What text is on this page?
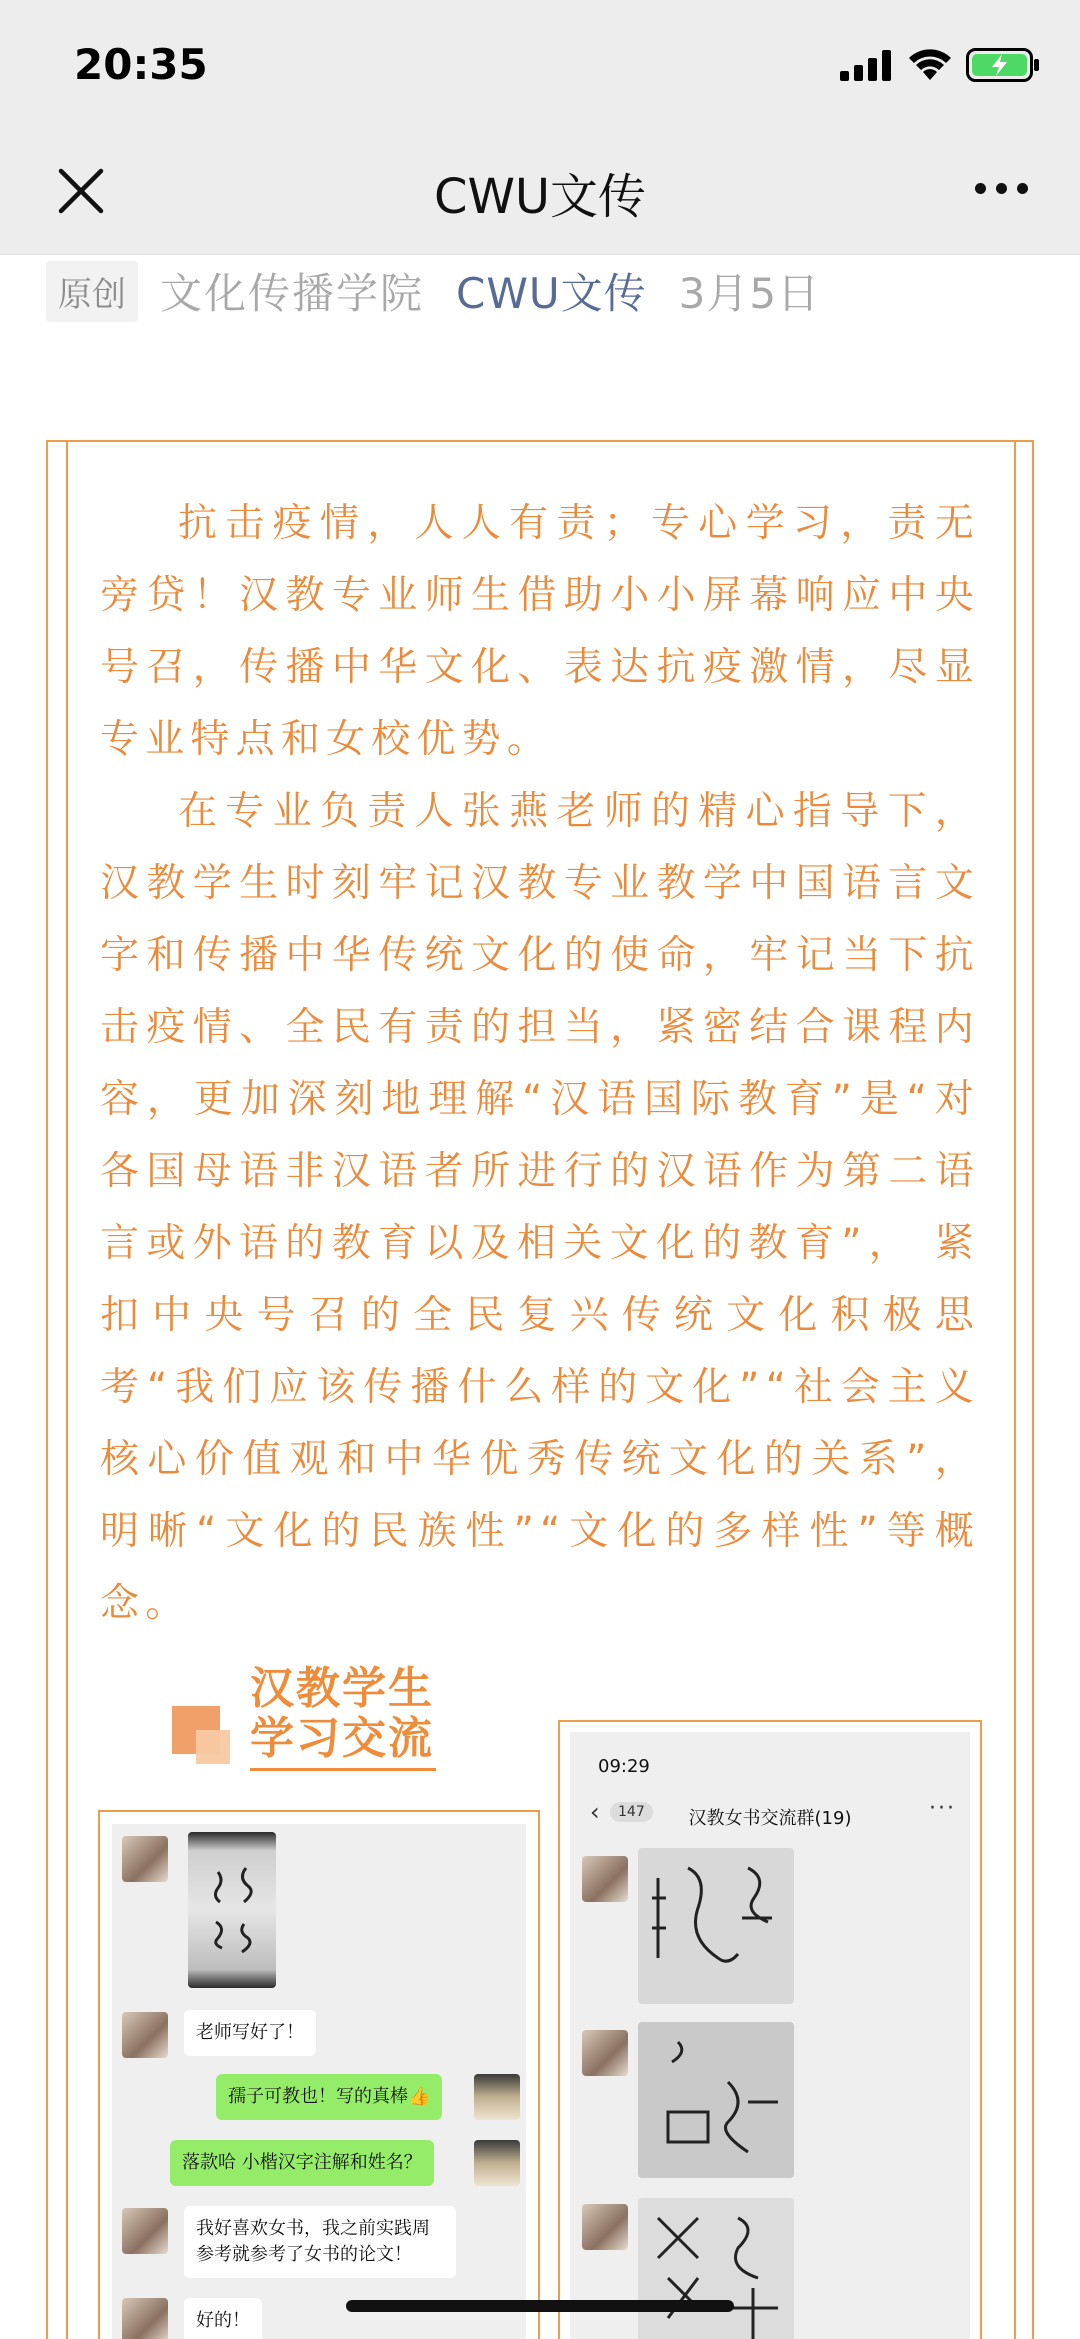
20:35
CWU文传
原创 文化传播学院 CWU文传 3月5日

抗击疫情，人人有责；专心学习，责无旁贷！汉教专业师生借助小小屏幕响应中央号召，传播中华文化、表达抗疫激情，尽显专业特点和女校优势。

在专业负责人张燕老师的精心指导下，汉教学生时刻牢记汉教专业教学中国语言文字和传播中华传统文化的使命，牢记当下抗击疫情、全民有责的担当，紧密结合课程内容，更加深刻地理解“汉语国际教育”是“对各国母语非汉语者所进行的汉语作为第二语言或外语的教育以及相关文化的教育”， 紧扣中央号召的全民复兴传统文化积极思考“我们应该传播什么样的文化”“社会主义核心价值观和中华优秀传统文化的关系”，明晰“文化的民族性”“文化的多样性”等概念。

汉教学生
学习交流
老师写好了！
孺子可教也！写的真棒👍
落款哈 小楷汉字注解和姓名？
我好喜欢女书，我之前实践周参考就参考了女书的论文！
好的！
09:29
‹	147	汉教女书交流群(19)	···
